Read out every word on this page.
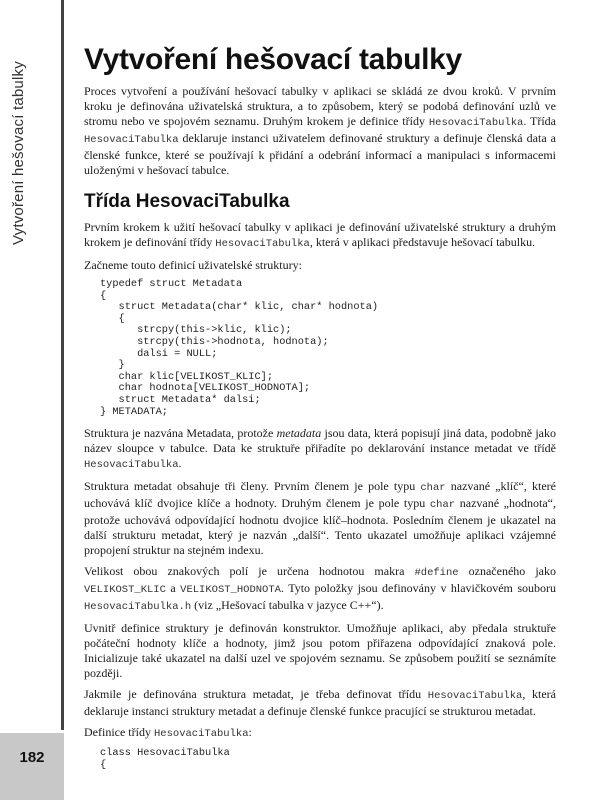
Vytvoření hešovací tabulky
182
Vytvoření hešovací tabulky

Proces vytvoření a používání hešovací tabulky v aplikaci se skládá ze dvou kroků. V prvním kroku je definována uživatelská struktura, a to způsobem, který se podobá definování uzlů ve stromu nebo ve spojovém seznamu. Druhým krokem je definice třídy HesovaciTabulka. Třída HesovaciTabulka deklaruje instanci uživatelem definované struktury a definuje členská data a členské funkce, které se používají k přidání a odebrání informací a manipulaci s informacemi uloženými v hešovací tabulce.

Třída HesovaciTabulka

Prvním krokem k užití hešovací tabulky v aplikaci je definování uživatelské struktury a druhým krokem je definování třídy HesovaciTabulka, která v aplikaci představuje hešovací tabulku.

Začneme touto definicí uživatelské struktury:

typedef struct Metadata
{
struct Metadata(char* klic, char* hodnota)
{
strcpy(this->klic, klic);
strcpy(this->hodnota, hodnota);
dalsi = NULL;
}
char klic[VELIKOST_KLIC];
char hodnota[VELIKOST_HODNOTA];
struct Metadata* dalsi;
} METADATA;

Struktura je nazvána Metadata, protože metadata jsou data, která popisují jiná data, podobně jako název sloupce v tabulce. Data ke struktuře přiřadíte po deklarování instance metadat ve třídě HesovaciTabulka.

Struktura metadat obsahuje tři členy. Prvním členem je pole typu char nazvané „klíč“, které uchovává klíč dvojice klíče a hodnoty. Druhým členem je pole typu char nazvané „hodnota“, protože uchovává odpovídající hodnotu dvojice klíč–hodnota. Posledním členem je ukazatel na další strukturu metadat, který je nazván „další“. Tento ukazatel umožňuje aplikaci vzájemné propojení struktur na stejném indexu.

Velikost obou znakových polí je určena hodnotou makra #define označeného jako VELIKOST_KLIC a VELIKOST_HODNOTA. Tyto položky jsou definovány v hlavičkovém souboru HesovaciTabulka.h (viz „Hešovací tabulka v jazyce C++“).

Uvnitř definice struktury je definován konstruktor. Umožňuje aplikaci, aby předala struktuře počáteční hodnoty klíče a hodnoty, jimž jsou potom přiřazena odpovídající znaková pole. Inicializuje také ukazatel na další uzel ve spojovém seznamu. Se způsobem použití se seznámíte později.

Jakmile je definována struktura metadat, je třeba definovat třídu HesovaciTabulka, která deklaruje instanci struktury metadat a definuje členské funkce pracující se strukturou metadat.

Definice třídy HesovaciTabulka:

class HesovaciTabulka
{
